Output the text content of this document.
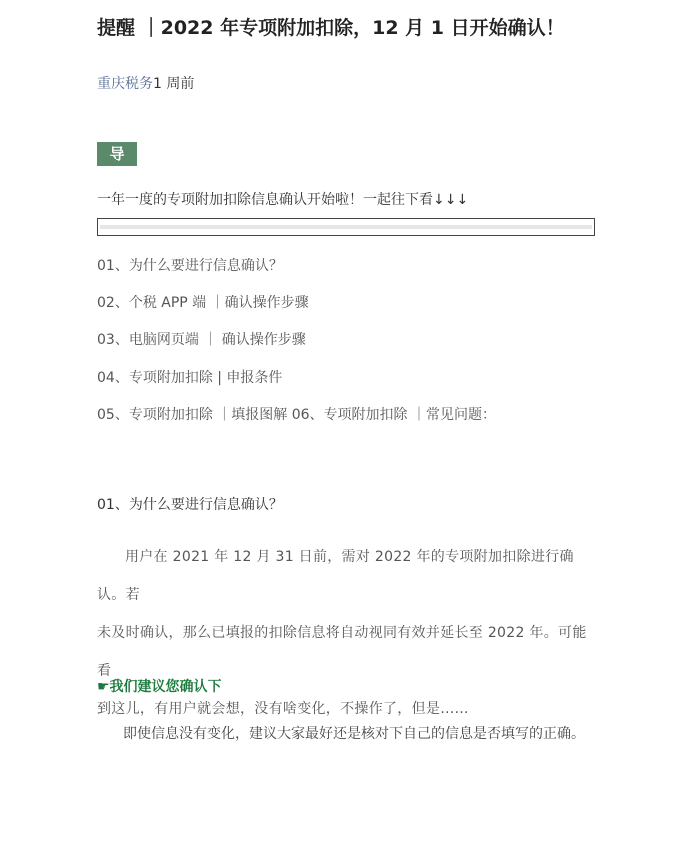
提醒 ｜2022 年专项附加扣除，12 月 1 日开始确认！
重庆税务1 周前
导读
一年一度的专项附加扣除信息确认开始啦！一起往下看↓↓↓
01、为什么要进行信息确认？
02、个税 APP 端 ｜确认操作步骤
03、电脑网页端 ｜ 确认操作步骤
04、专项附加扣除 | 申报条件
05、专项附加扣除 ｜填报图解 06、专项附加扣除 ｜常见问题：
01、为什么要进行信息确认？

用户在 2021 年 12 月 31 日前，需对 2022 年的专项附加扣除进行确认。若

未及时确认，那么已填报的扣除信息将自动视同有效并延长至 2022 年。可能看

到这儿，有用户就会想，没有啥变化，不操作了，但是……

☛我们建议您确认下
即使信息没有变化，建议大家最好还是核对下自己的信息是否填写的正确。
